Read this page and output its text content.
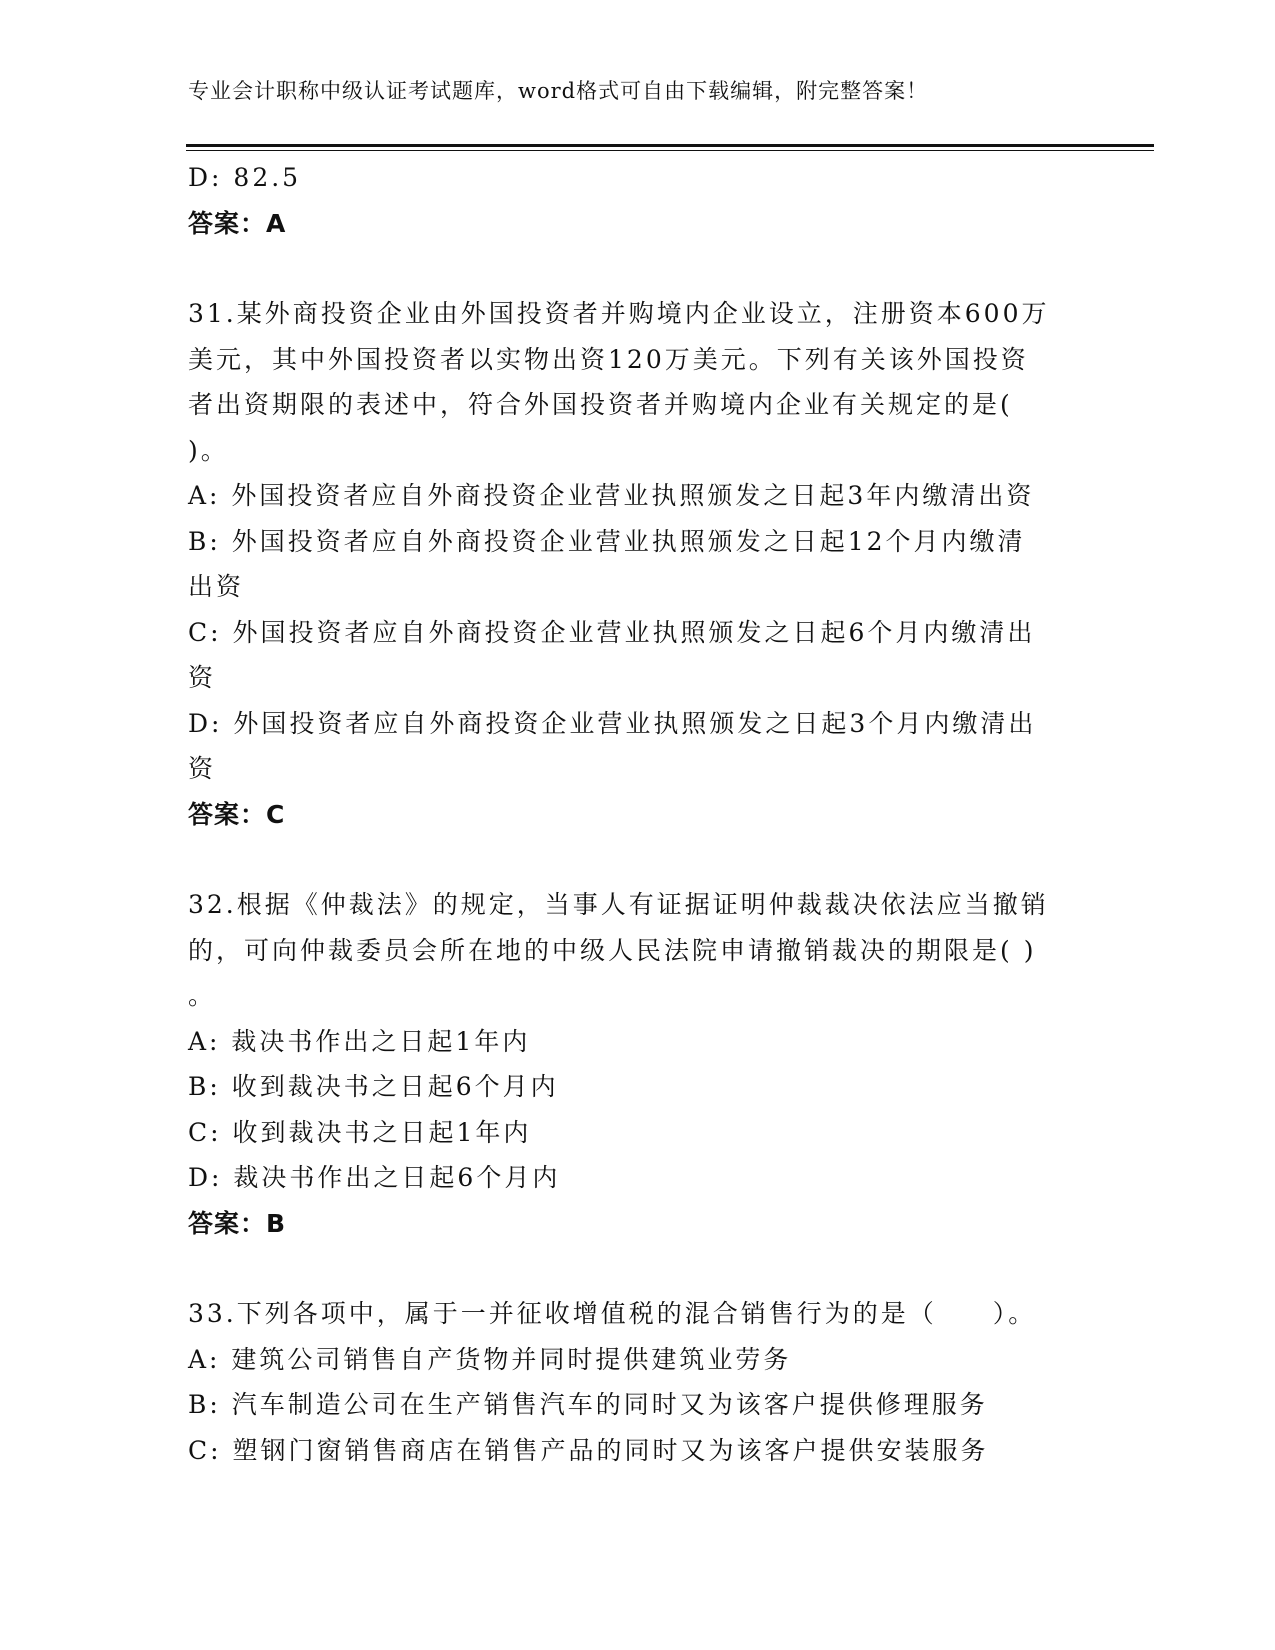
专业会计职称中级认证考试题库，word格式可自由下载编辑，附完整答案！
D: 82.5
答案：A
31.某外商投资企业由外国投资者并购境内企业设立，注册资本600万
美元，其中外国投资者以实物出资120万美元。下列有关该外国投资
者出资期限的表述中，符合外国投资者并购境内企业有关规定的是(
)。
A: 外国投资者应自外商投资企业营业执照颁发之日起3年内缴清出资
B: 外国投资者应自外商投资企业营业执照颁发之日起12个月内缴清
出资
C: 外国投资者应自外商投资企业营业执照颁发之日起6个月内缴清出
资
D: 外国投资者应自外商投资企业营业执照颁发之日起3个月内缴清出
资
答案：C
32.根据《仲裁法》的规定，当事人有证据证明仲裁裁决依法应当撤销
的，可向仲裁委员会所在地的中级人民法院申请撤销裁决的期限是( )
。
A: 裁决书作出之日起1年内
B: 收到裁决书之日起6个月内
C: 收到裁决书之日起1年内
D: 裁决书作出之日起6个月内
答案：B
33.下列各项中，属于一并征收增值税的混合销售行为的是（　　）。
A: 建筑公司销售自产货物并同时提供建筑业劳务
B: 汽车制造公司在生产销售汽车的同时又为该客户提供修理服务
C: 塑钢门窗销售商店在销售产品的同时又为该客户提供安装服务
